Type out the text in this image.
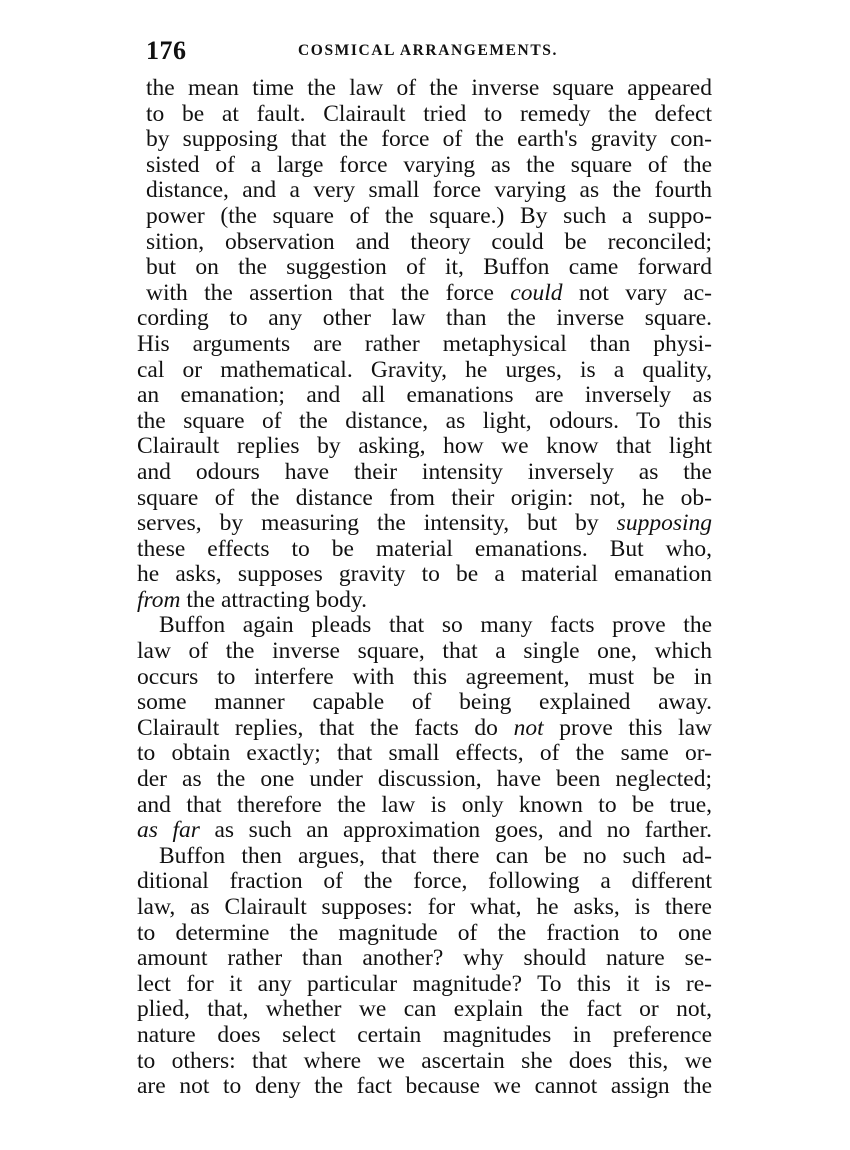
176	COSMICAL ARRANGEMENTS.
the mean time the law of the inverse square appeared
to be at fault. Clairault tried to remedy the defect
by supposing that the force of the earth's gravity con-
sisted of a large force varying as the square of the
distance, and a very small force varying as the fourth
power (the square of the square.) By such a suppo-
sition, observation and theory could be reconciled;
but on the suggestion of it, Buffon came forward
with the assertion that the force could not vary ac-
cording to any other law than the inverse square.
His arguments are rather metaphysical than physi-
cal or mathematical. Gravity, he urges, is a quality,
an emanation; and all emanations are inversely as
the square of the distance, as light, odours. To this
Clairault replies by asking, how we know that light
and odours have their intensity inversely as the
square of the distance from their origin: not, he ob-
serves, by measuring the intensity, but by supposing
these effects to be material emanations. But who,
he asks, supposes gravity to be a material emanation
from the attracting body.
Buffon again pleads that so many facts prove the
law of the inverse square, that a single one, which
occurs to interfere with this agreement, must be in
some manner capable of being explained away.
Clairault replies, that the facts do not prove this law
to obtain exactly; that small effects, of the same or-
der as the one under discussion, have been neglected;
and that therefore the law is only known to be true,
as far as such an approximation goes, and no farther.
Buffon then argues, that there can be no such ad-
ditional fraction of the force, following a different
law, as Clairault supposes: for what, he asks, is there
to determine the magnitude of the fraction to one
amount rather than another? why should nature se-
lect for it any particular magnitude? To this it is re-
plied, that, whether we can explain the fact or not,
nature does select certain magnitudes in preference
to others: that where we ascertain she does this, we
are not to deny the fact because we cannot assign the
